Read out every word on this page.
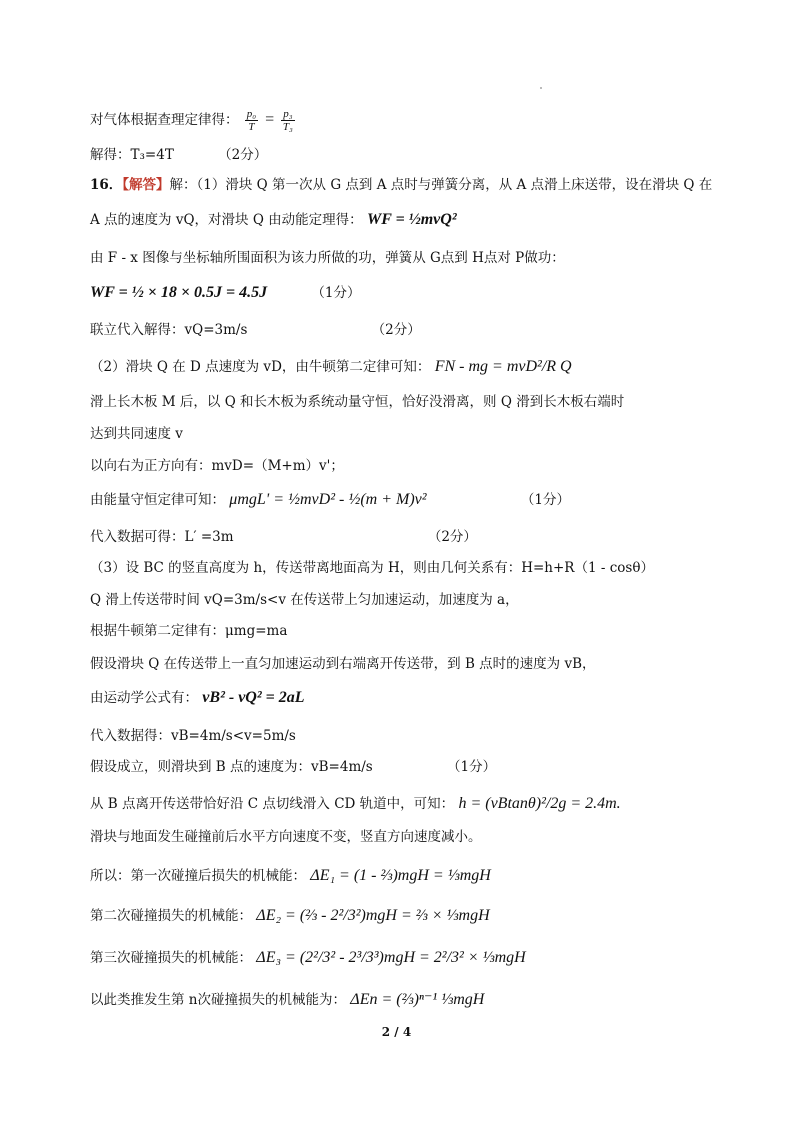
对气体根据查理定律得： $\frac{\text{p₀}}{T} = \frac{\text{p₃}}{\text{T₃}}$
解得：T₃=4T	（2分）
16．【解答】解：（1）滑块 Q 第一次从 G 点到 A 点时与弹簧分离，从 A 点滑上床送带，设在滑块 Q 在
A 点的速度为 vQ，对滑块 Q 由动能定理得： WF = ½mvQ²
由 F - x 图像与坐标轴所围面积为该力所做的功，弹簧从 G点到 H点对 P做功：
WF = ½ × 18 × 0.5J = 4.5J	（1分）
联立代入解得：vQ=3m/s	（2分）
（2）滑块 Q 在 D 点速度为 vD，由牛顿第二定律可知： FN - mg = mvD²/R Q
滑上长木板 M 后，以 Q 和长木板为系统动量守恒，恰好没滑离，则 Q 滑到长木板右端时
达到共同速度 v
以向右为正方向有：mvD=（M+m）v'；
由能量守恒定律可知： μmgL' = ½mvD² - ½(m + M)v²	（1分）
代入数据可得：L′ =3m	（2分）
（3）设 BC 的竖直高度为 h，传送带离地面高为 H，则由几何关系有：H=h+R（1 - cosθ）
Q 滑上传送带时间 vQ=3m/s<v 在传送带上匀加速运动，加速度为 a，
根据牛顿第二定律有：μmg=ma
假设滑块 Q 在传送带上一直匀加速运动到右端离开传送带，到 B 点时的速度为 vB，
由运动学公式有： vB² - vQ² = 2aL
代入数据得：vB=4m/s<v=5m/s
假设成立，则滑块到 B 点的速度为：vB=4m/s	（1分）
从 B 点离开传送带恰好沿 C 点切线滑入 CD 轨道中，可知： h = (vBtanθ)²/2g = 2.4m.
滑块与地面发生碰撞前后水平方向速度不变，竖直方向速度减小。
所以：第一次碰撞后损失的机械能： ΔE₁ = (1 - ⅔)mgH = ⅓mgH
第二次碰撞损失的机械能： ΔE₂ = (⅔ - 2²/3²)mgH = ⅔ × ⅓mgH
第三次碰撞损失的机械能： ΔE₃ = (2²/3² - 2³/3³)mgH = 2²/3² × ⅓mgH
以此类推发生第 n次碰撞损失的机械能为： ΔEn = (⅔)ⁿ⁻¹ ⅓mgH
2 / 4
